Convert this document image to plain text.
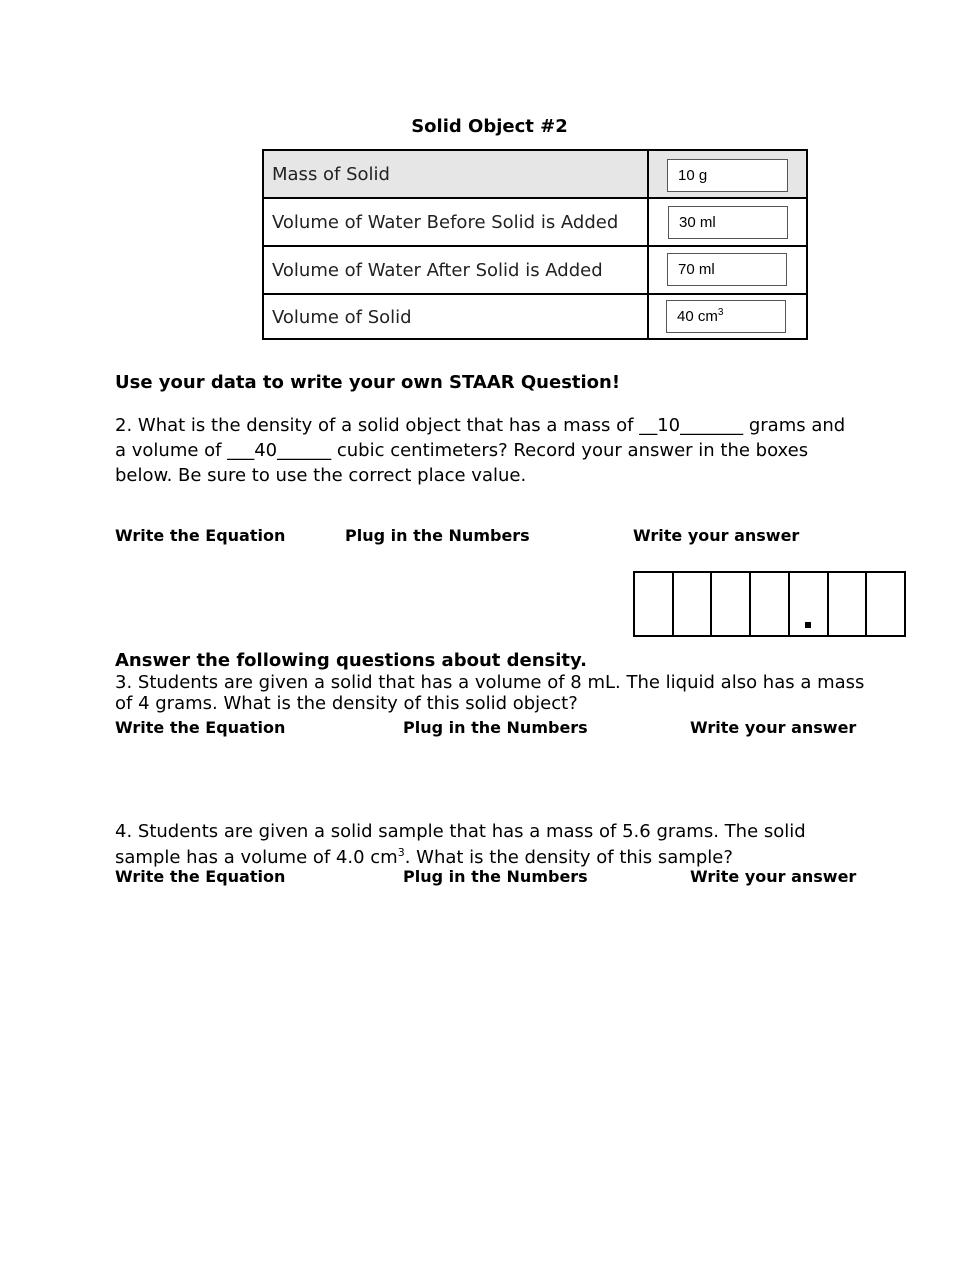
Solid Object #2
Mass of Solid	10 g
Volume of Water Before Solid is Added	30 ml
Volume of Water After Solid is Added	70 ml
Volume of Solid	40 $cm^3$
Use your data to write your own STAAR Question!
2. What is the density of a solid object that has a mass of __10_______ grams and
a volume of ___40______ cubic centimeters? Record your answer in the boxes
below. Be sure to use the correct place value.
Write the Equation	Plug in the Numbers	Write your answer
Answer the following questions about density.
3. Students are given a solid that has a volume of 8 mL. The liquid also has a mass
of 4 grams. What is the density of this solid object?
Write the Equation	Plug in the Numbers	Write your answer
4. Students are given a solid sample that has a mass of 5.6 grams. The solid
sample has a volume of 4.0 $cm^3$. What is the density of this sample?
Write the Equation	Plug in the Numbers	Write your answer
